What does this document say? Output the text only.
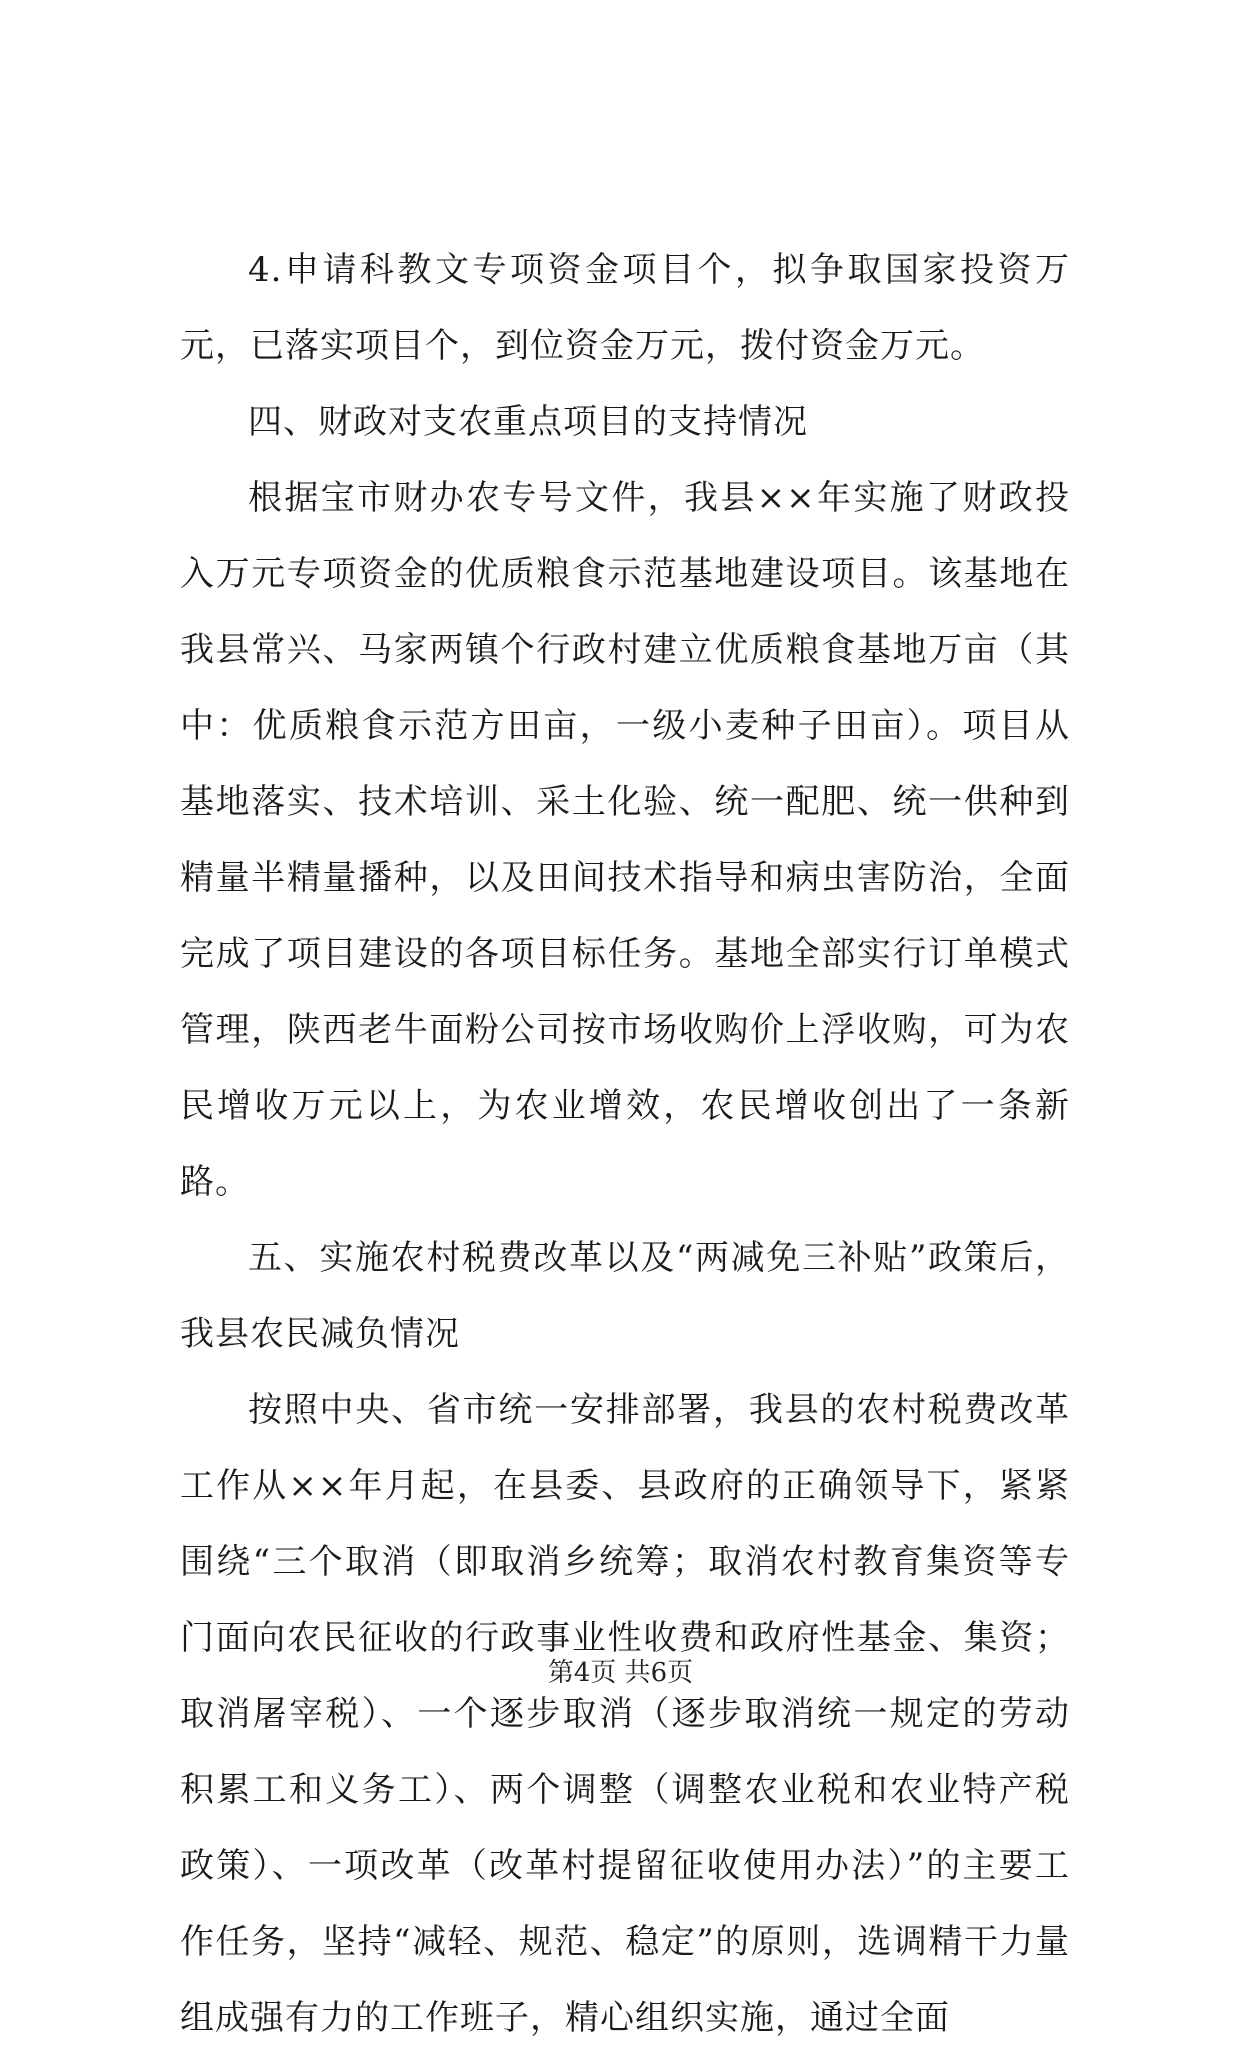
4.申请科教文专项资金项目个，拟争取国家投资万元，已落实项目个，到位资金万元，拨付资金万元。

四、财政对支农重点项目的支持情况

根据宝市财办农专号文件，我县××年实施了财政投入万元专项资金的优质粮食示范基地建设项目。该基地在我县常兴、马家两镇个行政村建立优质粮食基地万亩（其中：优质粮食示范方田亩，一级小麦种子田亩）。项目从基地落实、技术培训、采土化验、统一配肥、统一供种到精量半精量播种，以及田间技术指导和病虫害防治，全面完成了项目建设的各项目标任务。基地全部实行订单模式管理，陕西老牛面粉公司按市场收购价上浮收购，可为农民增收万元以上，为农业增效，农民增收创出了一条新路。

五、实施农村税费改革以及“两减免三补贴”政策后，我县农民减负情况

按照中央、省市统一安排部署，我县的农村税费改革工作从××年月起，在县委、县政府的正确领导下，紧紧围绕“三个取消（即取消乡统筹；取消农村教育集资等专门面向农民征收的行政事业性收费和政府性基金、集资；取消屠宰税）、一个逐步取消（逐步取消统一规定的劳动积累工和义务工）、两个调整（调整农业税和农业特产税政策）、一项改革（改革村提留征收使用办法）”的主要工作任务，坚持“减轻、规范、稳定”的原则，选调精干力量组成强有力的工作班子，精心组织实施，通过全面

第4页 共6页
